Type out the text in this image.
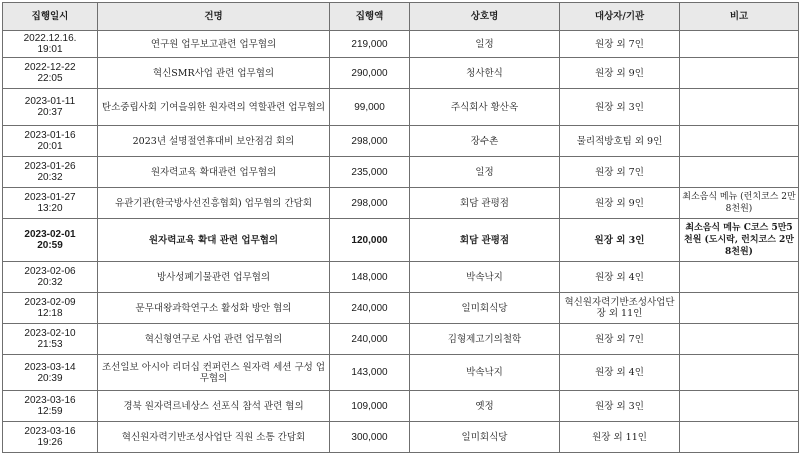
집행일시	건명	집행액	상호명	대상자/기관	비고

2022.12.16.
19:01	연구원 업무보고관련 업무협의	219,000	일정	원장 외 7인	

2022-12-22
22:05	혁신SMR사업 관련 업무협의	290,000	청사한식	원장 외 9인	

2023-01-11
20:37	탄소중립사회 기여을위한 원자력의 역할관련 업무협의	99,000	주식회사 황산옥	원장 외 3인	

2023-01-16
20:01	2023년 설명절연휴대비 보안점검 회의	298,000	장수촌	물리적방호팀 외 9인	

2023-01-26
20:32	원자력교육 확대관련 업무협의	235,000	일정	원장 외 7인	

2023-01-27
13:20	유관기관(한국방사선진흥협회) 업무협의 간담회	298,000	회담 관평점	원장 외 9인	최소음식 메뉴 (런치코스 2만8천원)

2023-02-01
20:59	원자력교육 확대 관련 업무협의	120,000	회담 관평점	원장 외 3인	최소음식 메뉴 C코스 5만5천원 (도시락, 런치코스 2만8천원)

2023-02-06
20:32	방사성폐기물관련 업무협의	148,000	박속낙지	원장 외 4인	

2023-02-09
12:18	문무대왕과학연구소 활성화 방안 협의	240,000	일미회식당	혁신원자력기반조성사업단장 외 11인	

2023-02-10
21:53	혁신형연구로 사업 관련 업무협의	240,000	김형제고기의철학	원장 외 7인	

2023-03-14
20:39	조선일보 아시아 리더십 컨퍼런스 원자력 세션 구성 업무협의	143,000	박속낙지	원장 외 4인	

2023-03-16
12:59	경북 원자력르네상스 선포식 참석 관련 협의	109,000	옛정	원장 외 3인	

2023-03-16
19:26	혁신원자력기반조성사업단 직원 소통 간담회	300,000	일미회식당	원장 외 11인	
